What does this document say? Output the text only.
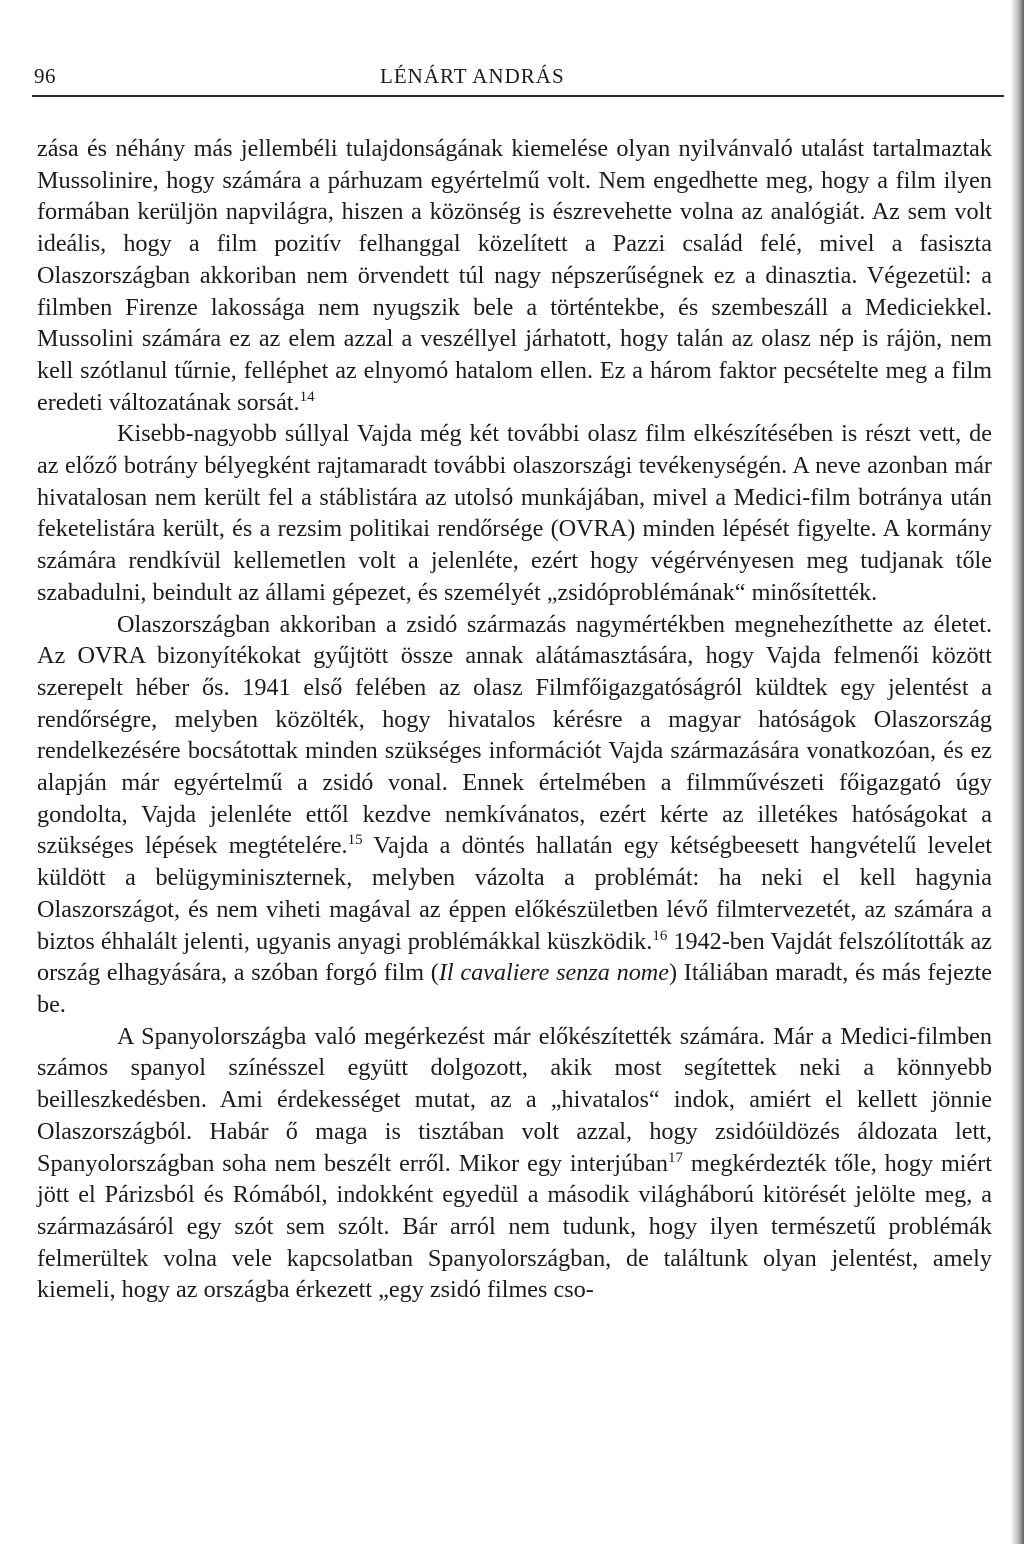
96	LÉNÁRT ANDRÁS

zása és néhány más jellembéli tulajdonságának kiemelése olyan nyilvánvaló utalást tartalmaztak Mussolinire, hogy számára a párhuzam egyértelmű volt. Nem engedhette meg, hogy a film ilyen formában kerüljön napvilágra, hiszen a közönség is észrevehette volna az analógiát. Az sem volt ideális, hogy a film pozitív felhanggal közelített a Pazzi család felé, mivel a fasiszta Olaszországban akkoriban nem örvendett túl nagy népszerűségnek ez a dinasztia. Végezetül: a filmben Firenze lakossága nem nyugszik bele a történtekbe, és szembeszáll a Mediciekkel. Mussolini számára ez az elem azzal a veszéllyel járhatott, hogy talán az olasz nép is rájön, nem kell szótlanul tűrnie, felléphet az elnyomó hatalom ellen. Ez a három faktor pecsételte meg a film eredeti változatának sorsát.$^{14}$

Kisebb-nagyobb súllyal Vajda még két további olasz film elkészítésében is részt vett, de az előző botrány bélyegként rajtamaradt további olaszországi tevékenységén. A neve azonban már hivatalosan nem került fel a stáblistára az utolsó munkájában, mivel a Medici-film botránya után feketelistára került, és a rezsim politikai rendőrsége (OVRA) minden lépését figyelte. A kormány számára rendkívül kellemetlen volt a jelenléte, ezért hogy végérvényesen meg tudjanak tőle szabadulni, beindult az állami gépezet, és személyét „zsidóproblémának“ minősítették.

Olaszországban akkoriban a zsidó származás nagymértékben megnehezíthette az életet. Az OVRA bizonyítékokat gyűjtött össze annak alátámasztására, hogy Vajda felmenői között szerepelt héber ős. 1941 első felében az olasz Filmfőigazgatóságról küldtek egy jelentést a rendőrségre, melyben közölték, hogy hivatalos kérésre a magyar hatóságok Olaszország rendelkezésére bocsátottak minden szükséges információt Vajda származására vonatkozóan, és ez alapján már egyértelmű a zsidó vonal. Ennek értelmében a filmművészeti főigazgató úgy gondolta, Vajda jelenléte ettől kezdve nemkívánatos, ezért kérte az illetékes hatóságokat a szükséges lépések megtételére.$^{15}$ Vajda a döntés hallatán egy kétségbeesett hangvételű levelet küldött a belügyminiszternek, melyben vázolta a problémát: ha neki el kell hagynia Olaszországot, és nem viheti magával az éppen előkészületben lévő filmtervezetét, az számára a biztos éhhalált jelenti, ugyanis anyagi problémákkal küszködik.$^{16}$ 1942-ben Vajdát felszólították az ország elhagyására, a szóban forgó film (Il cavaliere senza nome) Itáliában maradt, és más fejezte be.

A Spanyolországba való megérkezést már előkészítették számára. Már a Medici-filmben számos spanyol színésszel együtt dolgozott, akik most segítettek neki a könnyebb beilleszkedésben. Ami érdekességet mutat, az a „hivatalos“ indok, amiért el kellett jönnie Olaszországból. Habár ő maga is tisztában volt azzal, hogy zsidóüldözés áldozata lett, Spanyolországban soha nem beszélt erről. Mikor egy interjúban$^{17}$ megkérdezték tőle, hogy miért jött el Párizsból és Rómából, indokként egyedül a második világháború kitörését jelölte meg, a származásáról egy szót sem szólt. Bár arról nem tudunk, hogy ilyen természetű problémák felmerültek volna vele kapcsolatban Spanyolországban, de találtunk olyan jelentést, amely kiemeli, hogy az országba érkezett „egy zsidó filmes cso-
